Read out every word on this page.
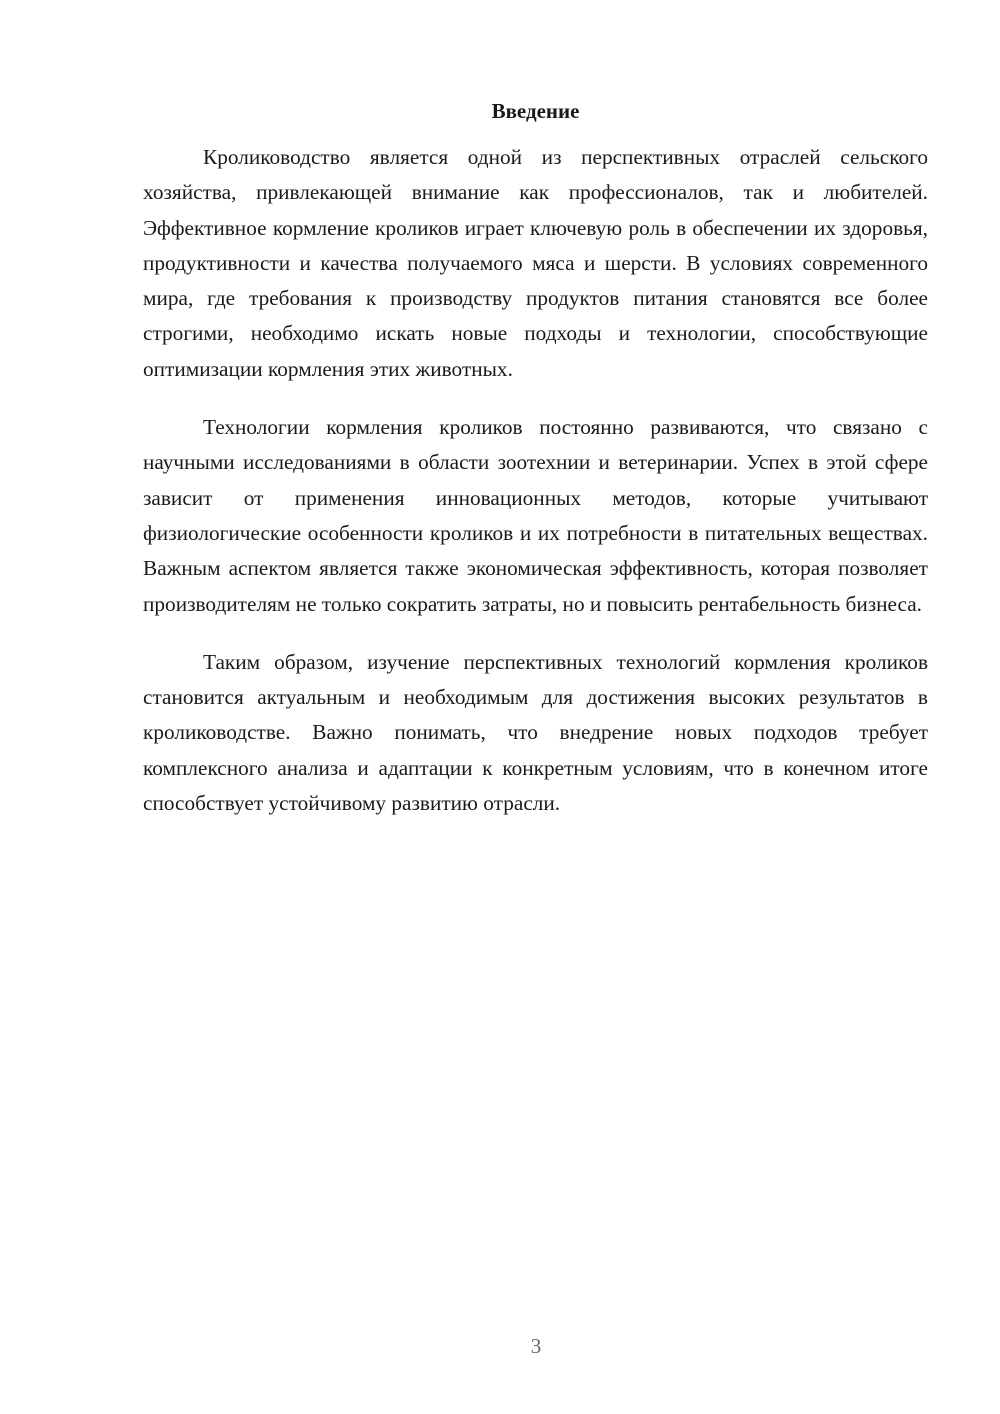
Введение

Кролиководство является одной из перспективных отраслей сельского хозяйства, привлекающей внимание как профессионалов, так и любителей. Эффективное кормление кроликов играет ключевую роль в обеспечении их здоровья, продуктивности и качества получаемого мяса и шерсти. В условиях современного мира, где требования к производству продуктов питания становятся все более строгими, необходимо искать новые подходы и технологии, способствующие оптимизации кормления этих животных.

Технологии кормления кроликов постоянно развиваются, что связано с научными исследованиями в области зоотехнии и ветеринарии. Успех в этой сфере зависит от применения инновационных методов, которые учитывают физиологические особенности кроликов и их потребности в питательных веществах. Важным аспектом является также экономическая эффективность, которая позволяет производителям не только сократить затраты, но и повысить рентабельность бизнеса.

Таким образом, изучение перспективных технологий кормления кроликов становится актуальным и необходимым для достижения высоких результатов в кролиководстве. Важно понимать, что внедрение новых подходов требует комплексного анализа и адаптации к конкретным условиям, что в конечном итоге способствует устойчивому развитию отрасли.

3
